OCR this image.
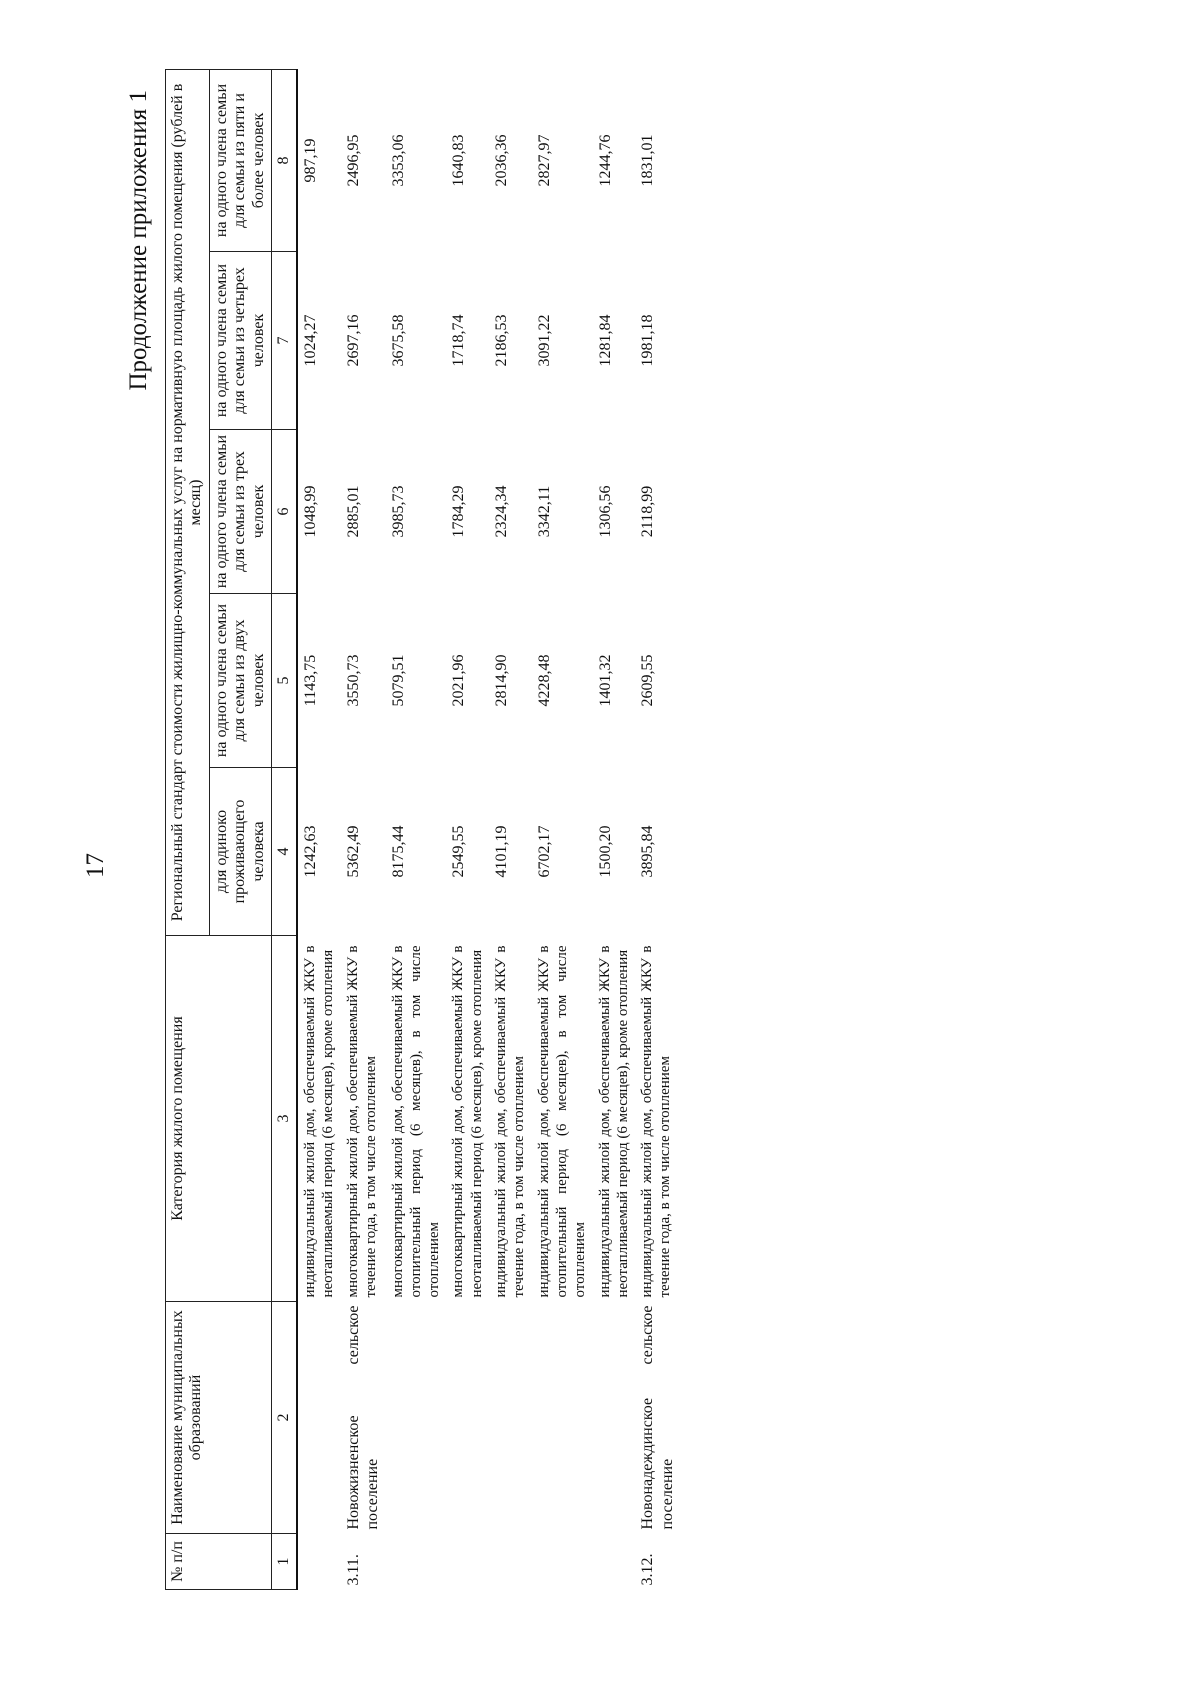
17
Продолжение приложения 1
№ п/п	Наименование муниципальных образований	Категория жилого помещения	Региональный стандарт стоимости жилищно-коммунальных услуг на нормативную площадь жилого помещения (рублей в месяц)				
			для одиноко проживающего человека	на одного члена семьи для семьи из двух человек	на одного члена семьи для семьи из трех человек	на одного члена семьи для семьи из четырех человек	на одного члена семьи для семьи из пяти и более человек
1	2	3	4	5	6	7	8
		индивидуальный жилой дом, обеспечиваемый ЖКУ в неотапливаемый период (6 месяцев), кроме отопления	1242,63	1143,75	1048,99	1024,27	987,19
3.11.	Новожизненское сельское поселение	многоквартирный жилой дом, обеспечиваемый ЖКУ в течение года, в том числе отоплением	5362,49	3550,73	2885,01	2697,16	2496,95
		многоквартирный жилой дом, обеспечиваемый ЖКУ в отопительный период (6 месяцев), в том числе отоплением	8175,44	5079,51	3985,73	3675,58	3353,06
		многоквартирный жилой дом, обеспечиваемый ЖКУ в неотапливаемый период (6 месяцев), кроме отопления	2549,55	2021,96	1784,29	1718,74	1640,83
		индивидуальный жилой дом, обеспечиваемый ЖКУ в течение года, в том числе отоплением	4101,19	2814,90	2324,34	2186,53	2036,36
		индивидуальный жилой дом, обеспечиваемый ЖКУ в отопительный период (6 месяцев), в том числе отоплением	6702,17	4228,48	3342,11	3091,22	2827,97
		индивидуальный жилой дом, обеспечиваемый ЖКУ в неотапливаемый период (6 месяцев), кроме отопления	1500,20	1401,32	1306,56	1281,84	1244,76
3.12.	Новонадеждинское сельское поселение	индивидуальный жилой дом, обеспечиваемый ЖКУ в течение года, в том числе отоплением	3895,84	2609,55	2118,99	1981,18	1831,01
